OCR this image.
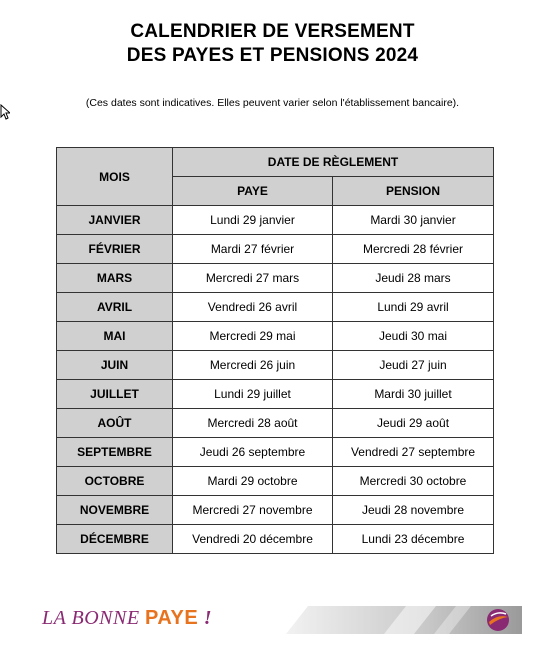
CALENDRIER DE VERSEMENT
DES PAYES ET PENSIONS 2024
(Ces dates sont indicatives. Elles peuvent varier selon l'établissement bancaire).
MOIS	DATE DE RÈGLEMENT	
	PAYE	PENSION
JANVIER	Lundi 29 janvier	Mardi 30 janvier
FÉVRIER	Mardi 27 février	Mercredi 28 février
MARS	Mercredi 27 mars	Jeudi 28 mars
AVRIL	Vendredi 26 avril	Lundi 29 avril
MAI	Mercredi 29 mai	Jeudi 30 mai
JUIN	Mercredi 26 juin	Jeudi 27 juin
JUILLET	Lundi 29 juillet	Mardi 30 juillet
AOÛT	Mercredi 28 août	Jeudi 29 août
SEPTEMBRE	Jeudi 26 septembre	Vendredi 27 septembre
OCTOBRE	Mardi 29 octobre	Mercredi 30 octobre
NOVEMBRE	Mercredi 27 novembre	Jeudi 28 novembre
DÉCEMBRE	Vendredi 20 décembre	Lundi 23 décembre
LA BONNE PAYE !
